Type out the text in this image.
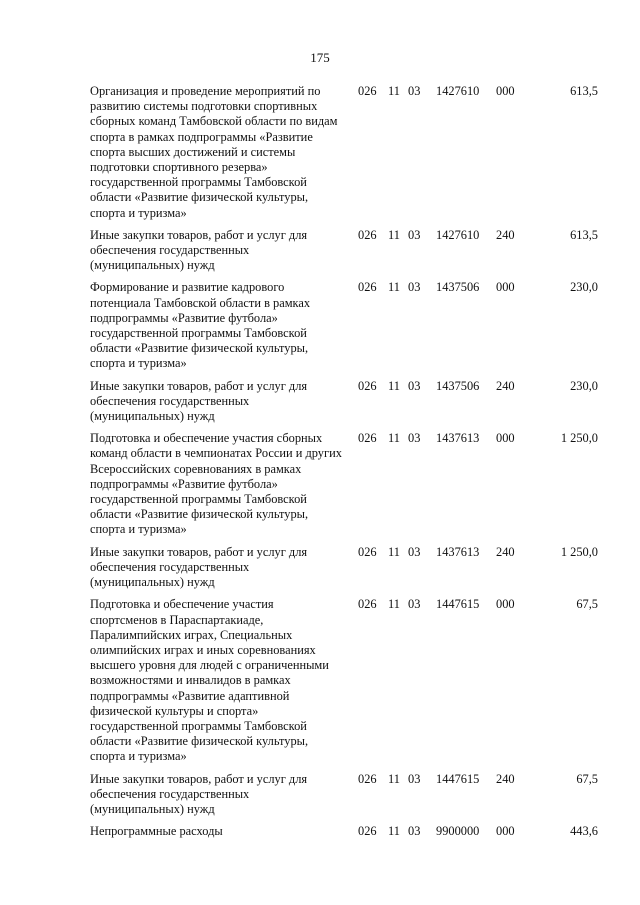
175
Организация и проведение мероприятий по развитию системы подготовки спортивных сборных команд Тамбовской области по видам спорта в рамках подпрограммы «Развитие спорта высших достижений и системы подготовки спортивного резерва» государственной программы Тамбовской области «Развитие физической культуры, спорта и туризма»		026	11	03	1427610	000	613,5
Иные закупки товаров, работ и услуг для обеспечения государственных (муниципальных) нужд		026	11	03	1427610	240	613,5
Формирование и развитие кадрового потенциала Тамбовской области в рамках подпрограммы «Развитие футбола» государственной программы Тамбовской области «Развитие физической культуры, спорта и туризма»		026	11	03	1437506	000	230,0
Иные закупки товаров, работ и услуг для обеспечения государственных (муниципальных) нужд		026	11	03	1437506	240	230,0
Подготовка и обеспечение участия сборных команд области в чемпионатах России и других Всероссийских соревнованиях в рамках подпрограммы «Развитие футбола» государственной программы Тамбовской области «Развитие физической культуры, спорта и туризма»		026	11	03	1437613	000	1 250,0
Иные закупки товаров, работ и услуг для обеспечения государственных (муниципальных) нужд		026	11	03	1437613	240	1 250,0
Подготовка и обеспечение участия спортсменов в Параспартакиаде, Паралимпийских играх, Специальных олимпийских играх и иных соревнованиях высшего уровня для людей с ограниченными возможностями и инвалидов в рамках подпрограммы «Развитие адаптивной физической культуры и спорта» государственной программы Тамбовской области «Развитие физической культуры, спорта и туризма»		026	11	03	1447615	000	67,5
Иные закупки товаров, работ и услуг для обеспечения государственных (муниципальных) нужд		026	11	03	1447615	240	67,5
Непрограммные расходы		026	11	03	9900000	000	443,6
